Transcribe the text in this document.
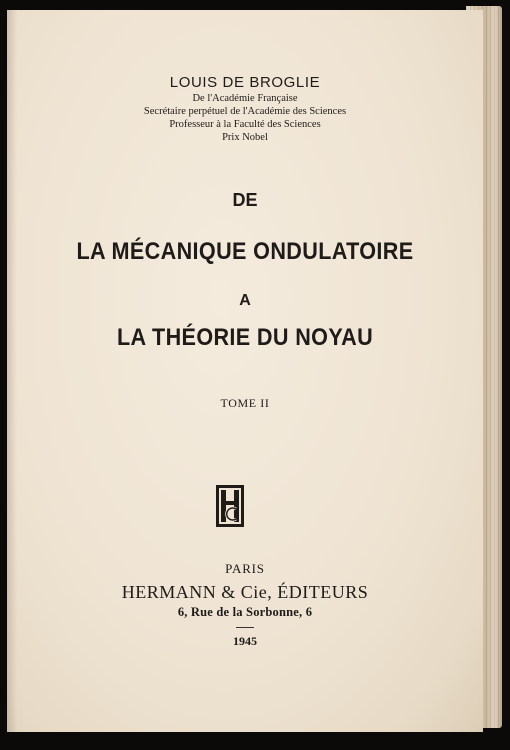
LOUIS DE BROGLIE
De l'Académie Française
Secrétaire perpétuel de l'Académie des Sciences
Professeur à la Faculté des Sciences
Prix Nobel
DE
LA MÉCANIQUE ONDULATOIRE
A
LA THÉORIE DU NOYAU
TOME II
PARIS
HERMANN & Cie, ÉDITEURS
6, Rue de la Sorbonne, 6
1945
